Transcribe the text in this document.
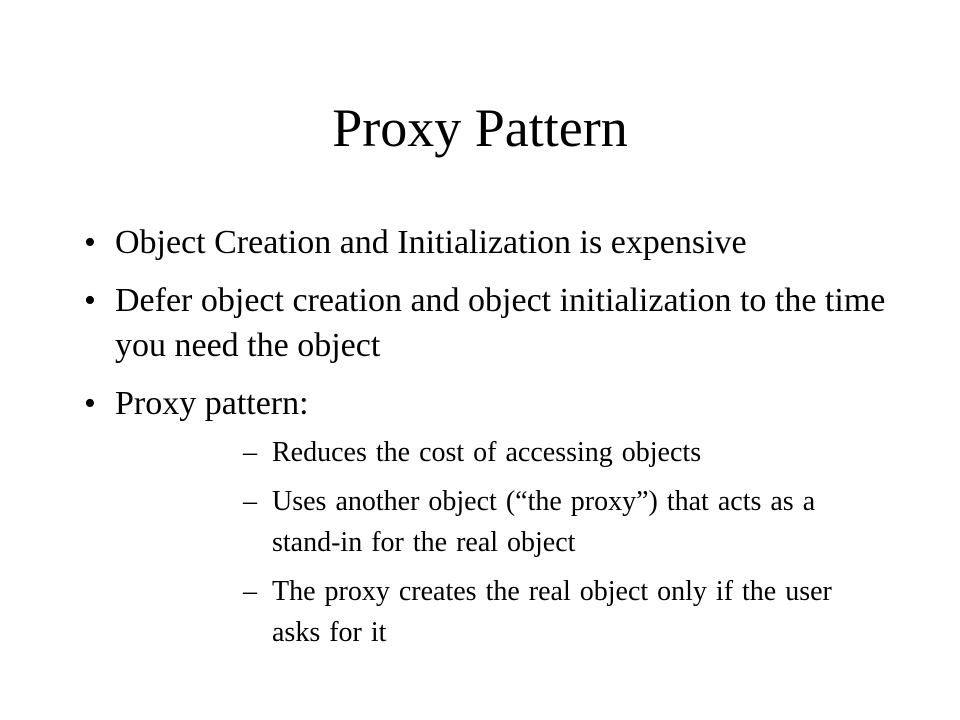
Proxy Pattern
• Object Creation and Initialization is expensive
• Defer object creation and object initialization to the time you need the object
• Proxy pattern:
– Reduces the cost of accessing objects
– Uses another object (“the proxy”) that acts as a stand-in for the real object
– The proxy creates the real object only if the user asks for it
